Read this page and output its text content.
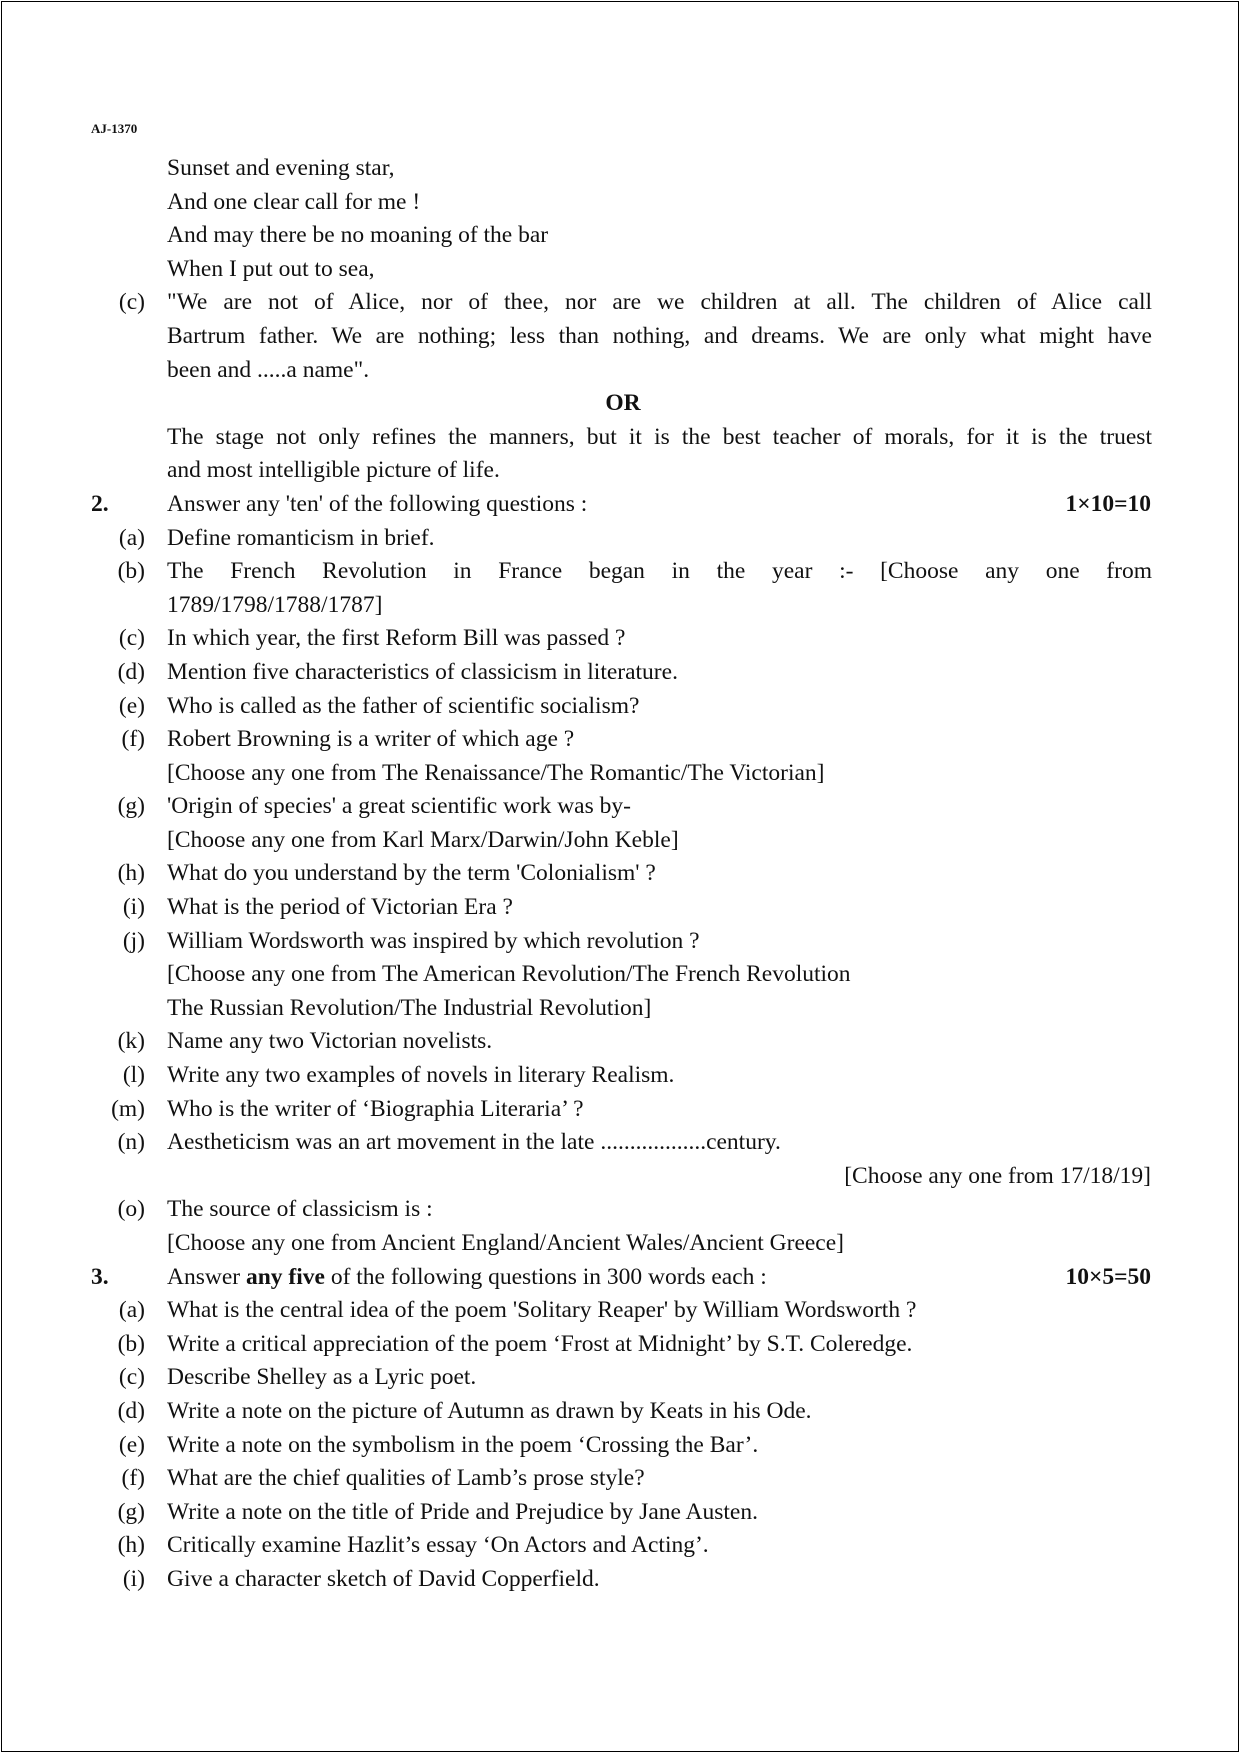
AJ-1370
Sunset and evening star,
And one clear call for me !
And may there be no moaning of the bar
When I put out to sea,
(c) "We are not of Alice, nor of thee, nor are we children at all. The children of Alice call
Bartrum father. We are nothing; less than nothing, and dreams. We are only what might have
been and .....a name".
OR
The stage not only refines the manners, but it is the best teacher of morals, for it is the truest
and most intelligible picture of life.
2. Answer any 'ten' of the following questions :	1×10=10
(a) Define romanticism in brief.
(b) The French Revolution in France began in the year :- [Choose any one from
1789/1798/1788/1787]
(c) In which year, the first Reform Bill was passed ?
(d) Mention five characteristics of classicism in literature.
(e) Who is called as the father of scientific socialism?
(f) Robert Browning is a writer of which age ?
[Choose any one from The Renaissance/The Romantic/The Victorian]
(g) 'Origin of species' a great scientific work was by-
[Choose any one from Karl Marx/Darwin/John Keble]
(h) What do you understand by the term 'Colonialism' ?
(i) What is the period of Victorian Era ?
(j) William Wordsworth was inspired by which revolution ?
[Choose any one from The American Revolution/The French Revolution
The Russian Revolution/The Industrial Revolution]
(k) Name any two Victorian novelists.
(l) Write any two examples of novels in literary Realism.
(m) Who is the writer of ‘Biographia Literaria’ ?
(n) Aestheticism was an art movement in the late ..................century.
[Choose any one from 17/18/19]
(o) The source of classicism is :
[Choose any one from Ancient England/Ancient Wales/Ancient Greece]
3. Answer any five of the following questions in 300 words each :	10×5=50
(a) What is the central idea of the poem 'Solitary Reaper' by William Wordsworth ?
(b) Write a critical appreciation of the poem ‘Frost at Midnight’ by S.T. Coleredge.
(c) Describe Shelley as a Lyric poet.
(d) Write a note on the picture of Autumn as drawn by Keats in his Ode.
(e) Write a note on the symbolism in the poem ‘Crossing the Bar’.
(f) What are the chief qualities of Lamb’s prose style?
(g) Write a note on the title of Pride and Prejudice by Jane Austen.
(h) Critically examine Hazlit’s essay ‘On Actors and Acting’.
(i) Give a character sketch of David Copperfield.
